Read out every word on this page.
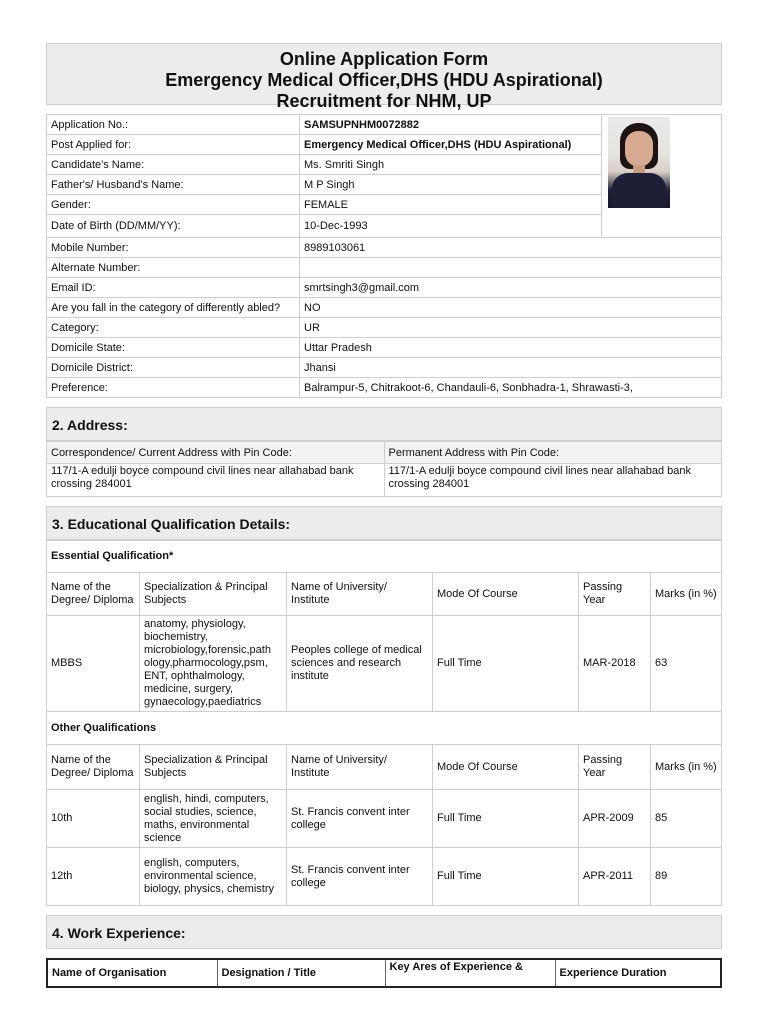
Online Application Form
Emergency Medical Officer,DHS (HDU Aspirational)
Recruitment for NHM, UP
Application No.:	SAMSUPNHM0072882	

Post Applied for:	Emergency Medical Officer,DHS (HDU Aspirational)	
Candidate's Name:	Ms. Smriti Singh	
Father's/ Husband's Name:	M P Singh	
Gender:	FEMALE	
Date of Birth (DD/MM/YY):	10-Dec-1993	
Mobile Number:	8989103061	
Alternate Number:		
Email ID:	smrtsingh3@gmail.com	
Are you fall in the category of differently abled?	NO	
Category:	UR	
Domicile State:	Uttar Pradesh	
Domicile District:	Jhansi	
Preference:	Balrampur-5, Chitrakoot-6, Chandauli-6, Sonbhadra-1, Shrawasti-3,	
2. Address:
Correspondence/ Current Address with Pin Code:	Permanent Address with Pin Code:
117/1-A edulji boyce compound civil lines near allahabad bank crossing 284001	117/1-A edulji boyce compound civil lines near allahabad bank crossing 284001
3. Educational Qualification Details:
Essential Qualification*					
Name of the Degree/ Diploma	Specialization & Principal Subjects	Name of University/ Institute	Mode Of Course	Passing Year	Marks (in %)
MBBS	anatomy, physiology, biochemistry, microbiology,forensic,path ology,pharmocology,psm, ENT, ophthalmology, medicine, surgery, gynaecology,paediatrics	Peoples college of medical sciences and research institute	Full Time	MAR-2018	63
Other Qualifications					
Name of the Degree/ Diploma	Specialization & Principal Subjects	Name of University/ Institute	Mode Of Course	Passing Year	Marks (in %)
10th	english, hindi, computers, social studies, science, maths, environmental science	St. Francis convent inter college	Full Time	APR-2009	85
12th	english, computers, environmental science, biology, physics, chemistry	St. Francis convent inter college	Full Time	APR-2011	89
4. Work Experience:
Name of Organisation	Designation / Title	Key Ares of Experience &	Experience Duration
